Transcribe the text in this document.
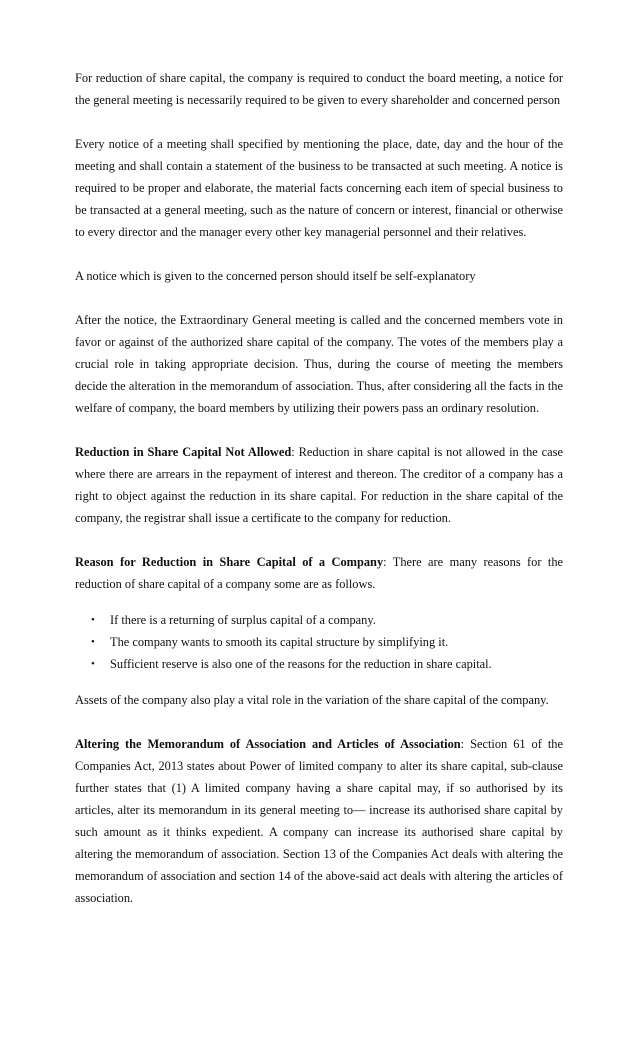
For reduction of share capital, the company is required to conduct the board meeting, a notice for the general meeting is necessarily required to be given to every shareholder and concerned person

Every notice of a meeting shall specified by mentioning the place, date, day and the hour of the meeting and shall contain a statement of the business to be transacted at such meeting. A notice is required to be proper and elaborate, the material facts concerning each item of special business to be transacted at a general meeting, such as the nature of concern or interest, financial or otherwise to every director and the manager every other key managerial personnel and their relatives.

A notice which is given to the concerned person should itself be self-explanatory

After the notice, the Extraordinary General meeting is called and the concerned members vote in favor or against of the authorized share capital of the company. The votes of the members play a crucial role in taking appropriate decision. Thus, during the course of meeting the members decide the alteration in the memorandum of association. Thus, after considering all the facts in the welfare of company, the board members by utilizing their powers pass an ordinary resolution.

Reduction in Share Capital Not Allowed: Reduction in share capital is not allowed in the case where there are arrears in the repayment of interest and thereon. The creditor of a company has a right to object against the reduction in its share capital. For reduction in the share capital of the company, the registrar shall issue a certificate to the company for reduction.

Reason for Reduction in Share Capital of a Company: There are many reasons for the reduction of share capital of a company some are as follows.

• If there is a returning of surplus capital of a company.
• The company wants to smooth its capital structure by simplifying it.
• Sufficient reserve is also one of the reasons for the reduction in share capital.

Assets of the company also play a vital role in the variation of the share capital of the company.

Altering the Memorandum of Association and Articles of Association: Section 61 of the Companies Act, 2013 states about Power of limited company to alter its share capital, sub-clause further states that (1) A limited company having a share capital may, if so authorised by its articles, alter its memorandum in its general meeting to— increase its authorised share capital by such amount as it thinks expedient. A company can increase its authorised share capital by altering the memorandum of association. Section 13 of the Companies Act deals with altering the memorandum of association and section 14 of the above-said act deals with altering the articles of association.
